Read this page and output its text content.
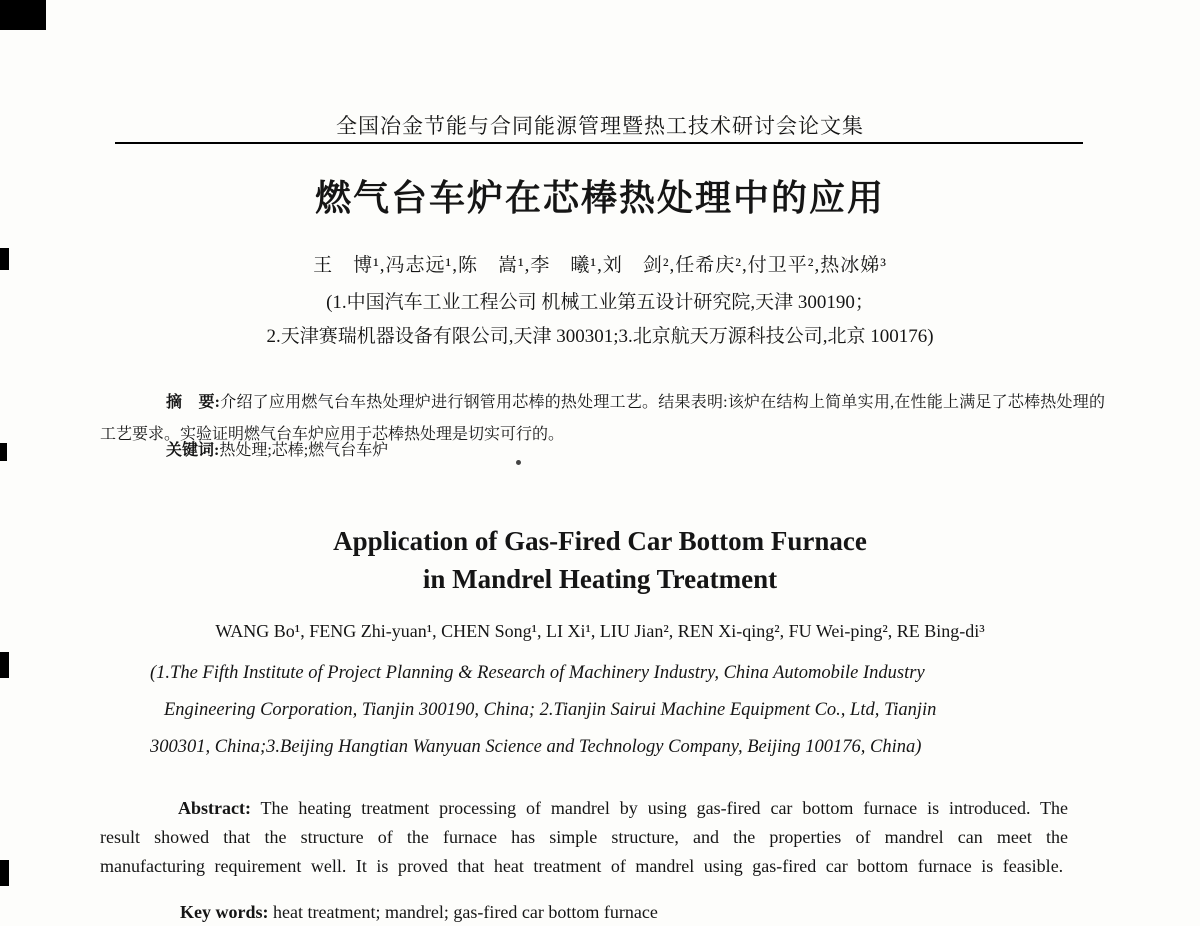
全国冶金节能与合同能源管理暨热工技术研讨会论文集
燃气台车炉在芯棒热处理中的应用
王　博¹,冯志远¹,陈　嵩¹,李　曦¹,刘　剑²,任希庆²,付卫平²,热冰娣³
(1.中国汽车工业工程公司 机械工业第五设计研究院,天津 300190；
2.天津赛瑞机器设备有限公司,天津 300301;3.北京航天万源科技公司,北京 100176)

摘　要:介绍了应用燃气台车热处理炉进行钢管用芯棒的热处理工艺。结果表明:该炉在结构上简单实用,在性能上满足了芯棒热处理的工艺要求。实验证明燃气台车炉应用于芯棒热处理是切实可行的。

关键词:热处理;芯棒;燃气台车炉
Application of Gas-Fired Car Bottom Furnace
in Mandrel Heating Treatment
WANG Bo¹, FENG Zhi-yuan¹, CHEN Song¹, LI Xi¹, LIU Jian², REN Xi-qing², FU Wei-ping², RE Bing-di³
(1.The Fifth Institute of Project Planning & Research of Machinery Industry, China Automobile Industry
Engineering Corporation, Tianjin 300190, China; 2.Tianjin Sairui Machine Equipment Co., Ltd, Tianjin
300301, China;3.Beijing Hangtian Wanyuan Science and Technology Company, Beijing 100176, China)

Abstract: The heating treatment processing of mandrel by using gas-fired car bottom furnace is introduced. The result showed that the structure of the furnace has simple structure, and the properties of mandrel can meet the manufacturing requirement well. It is proved that heat treatment of mandrel using gas-fired car bottom furnace is feasible.

Key words: heat treatment; mandrel; gas-fired car bottom furnace
